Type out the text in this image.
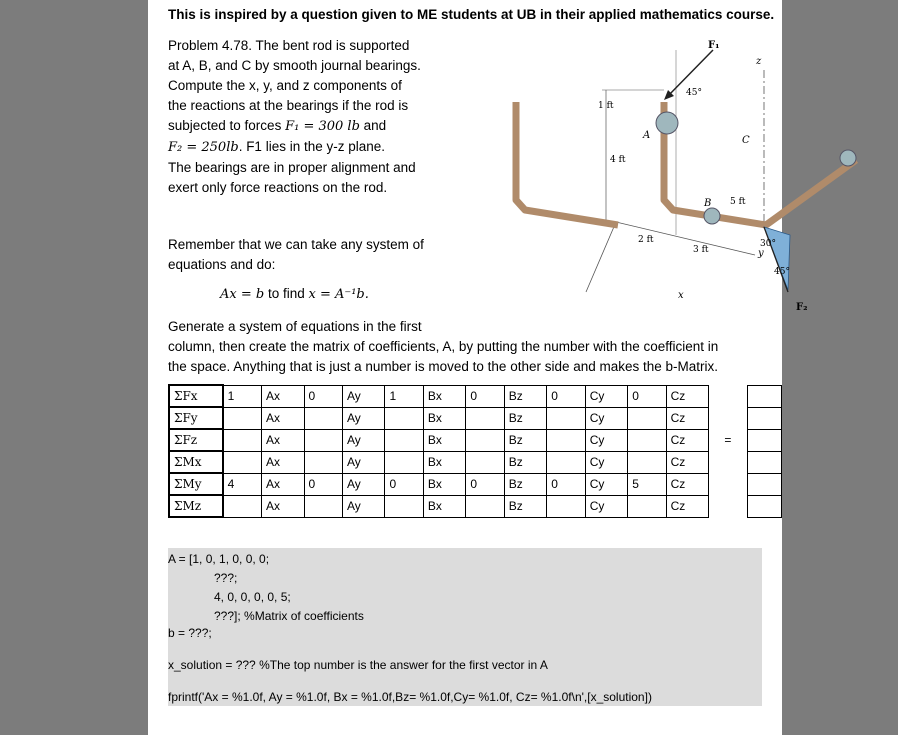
This is inspired by a question given to ME students at UB in their applied mathematics course.

Problem 4.78. The bent rod is supported

at A, B, and C by smooth journal bearings.

Compute the x, y, and z components of

the reactions at the bearings if the rod is

subjected to forces F₁ = 300 lb and

F₂ = 250lb. F1 lies in the y-z plane.

The bearings are in proper alignment and

exert only force reactions on the rod.

F₁
z
45°
1 ft
A
4 ft
B
C
5 ft
2 ft
3 ft
30°
45°
y
x
F₂
Remember that we can take any system of
equations and do:
Ax = b to find x = A⁻¹b.
Generate a system of equations in the first
column, then create the matrix of coefficients, A, by putting the number with the coefficient in
the space. Anything that is just a number is moved to the other side and makes the b-Matrix.
ΣFx	1	Ax	0	Ay	1	Bx	0	Bz	0	Cy	0	Cz		
ΣFy		Ax		Ay		Bx		Bz		Cy		Cz		
ΣFz		Ax		Ay		Bx		Bz		Cy		Cz	=	
ΣMx		Ax		Ay		Bx		Bz		Cy		Cz		
ΣMy	4	Ax	0	Ay	0	Bx	0	Bz	0	Cy	5	Cz		
ΣMz		Ax		Ay		Bx		Bz		Cy		Cz		
A = [1, 0, 1, 0, 0, 0;
???;
4, 0, 0, 0, 0, 5;
???]; %Matrix of coefficients
b = ???;
x_solution = ??? %The top number is the answer for the first vector in A
fprintf('Ax = %1.0f, Ay = %1.0f, Bx = %1.0f,Bz= %1.0f,Cy= %1.0f, Cz= %1.0f\n',[x_solution])
